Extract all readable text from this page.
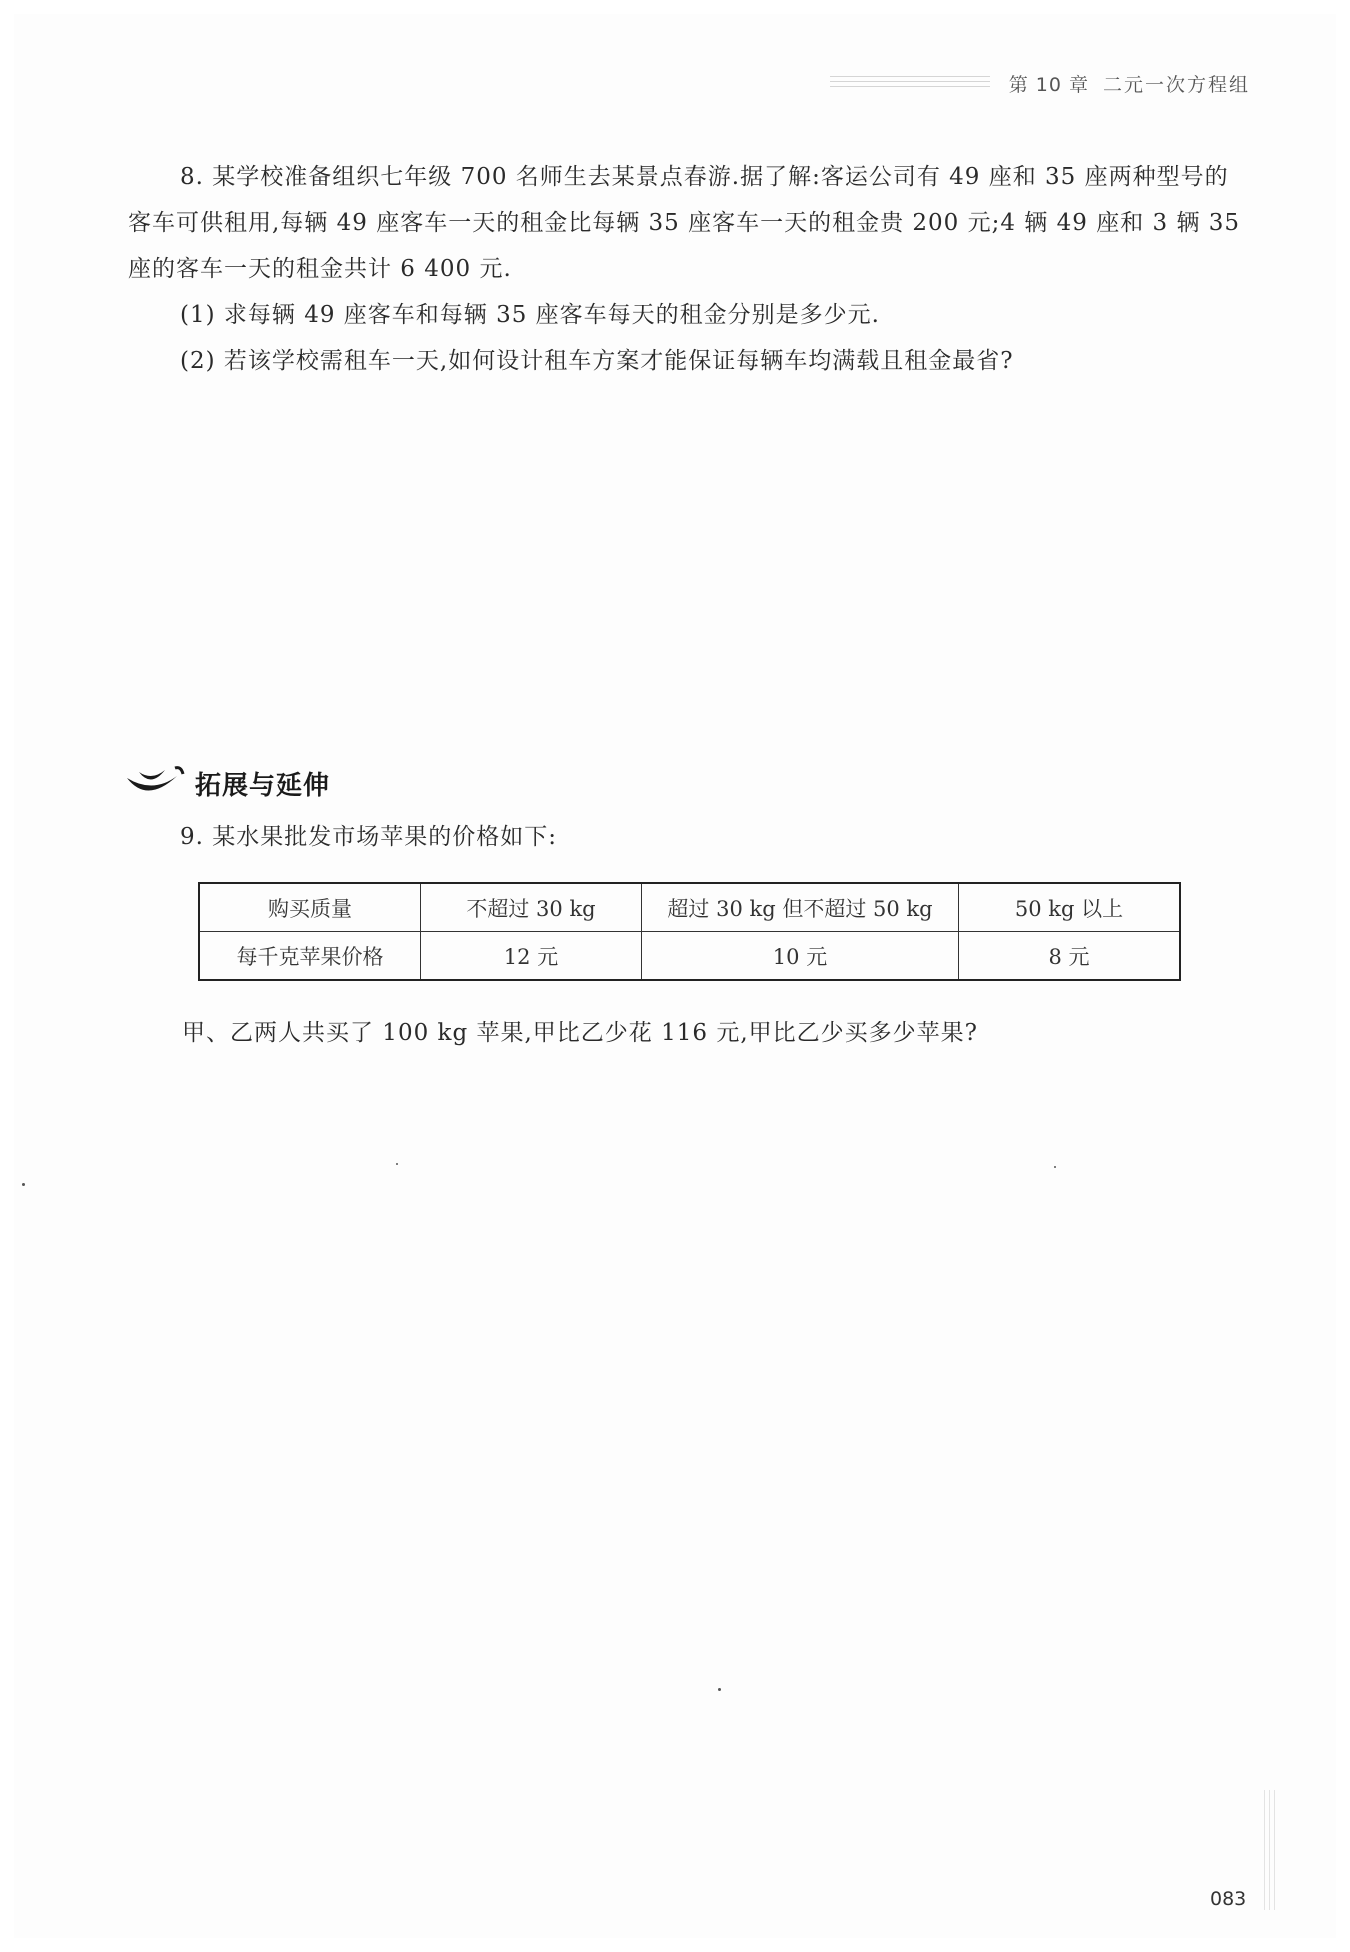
第 10 章 二元一次方程组
8. 某学校准备组织七年级 700 名师生去某景点春游.据了解:客运公司有 49 座和 35 座两种型号的客车可供租用,每辆 49 座客车一天的租金比每辆 35 座客车一天的租金贵 200 元;4 辆 49 座和 3 辆 35 座的客车一天的租金共计 6 400 元.
(1) 求每辆 49 座客车和每辆 35 座客车每天的租金分别是多少元.
(2) 若该学校需租车一天,如何设计租车方案才能保证每辆车均满载且租金最省?
拓展与延伸
9. 某水果批发市场苹果的价格如下:
购买质量	不超过 30 kg	超过 30 kg 但不超过 50 kg	50 kg 以上
每千克苹果价格	12 元	10 元	8 元
甲、乙两人共买了 100 kg 苹果,甲比乙少花 116 元,甲比乙少买多少苹果?
083
